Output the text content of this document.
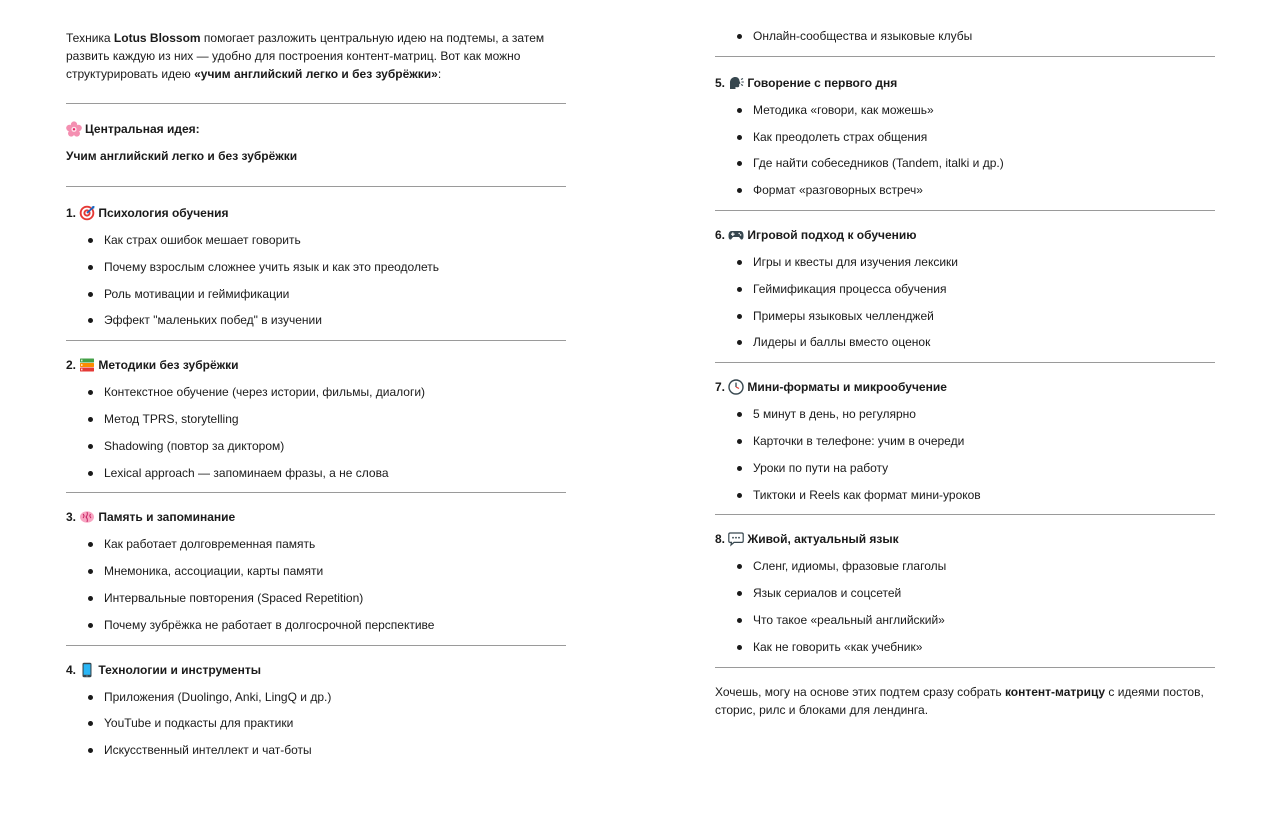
Техника Lotus Blossom помогает разложить центральную идею на подтемы, а затем развить каждую из них — удобно для построения контент-матриц. Вот как можно структурировать идею «учим английский легко и без зубрёжки»:

Центральная идея:

Учим английский легко и без зубрёжки

1.
Психология обучения
Как страх ошибок мешает говорить
Почему взрослым сложнее учить язык и как это преодолеть
Роль мотивации и геймификации
Эффект "маленьких побед" в изучении
2.
Методики без зубрёжки
Контекстное обучение (через истории, фильмы, диалоги)
Метод TPRS, storytelling
Shadowing (повтор за диктором)
Lexical approach — запоминаем фразы, а не слова
3.
Память и запоминание
Как работает долговременная память
Мнемоника, ассоциации, карты памяти
Интервальные повторения (Spaced Repetition)
Почему зубрёжка не работает в долгосрочной перспективе
4.
Технологии и инструменты
Приложения (Duolingo, Anki, LingQ и др.)
YouTube и подкасты для практики
Искусственный интеллект и чат-боты
Онлайн-сообщества и языковые клубы
5.
Говорение с первого дня
Методика «говори, как можешь»
Как преодолеть страх общения
Где найти собеседников (Tandem, italki и др.)
Формат «разговорных встреч»
6.
Игровой подход к обучению
Игры и квесты для изучения лексики
Геймификация процесса обучения
Примеры языковых челленджей
Лидеры и баллы вместо оценок
7.
Мини-форматы и микрообучение
5 минут в день, но регулярно
Карточки в телефоне: учим в очереди
Уроки по пути на работу
Тиктоки и Reels как формат мини-уроков
8.
Живой, актуальный язык
Сленг, идиомы, фразовые глаголы
Язык сериалов и соцсетей
Что такое «реальный английский»
Как не говорить «как учебник»

Хочешь, могу на основе этих подтем сразу собрать контент-матрицу с идеями постов, сторис, рилс и блоками для лендинга.
